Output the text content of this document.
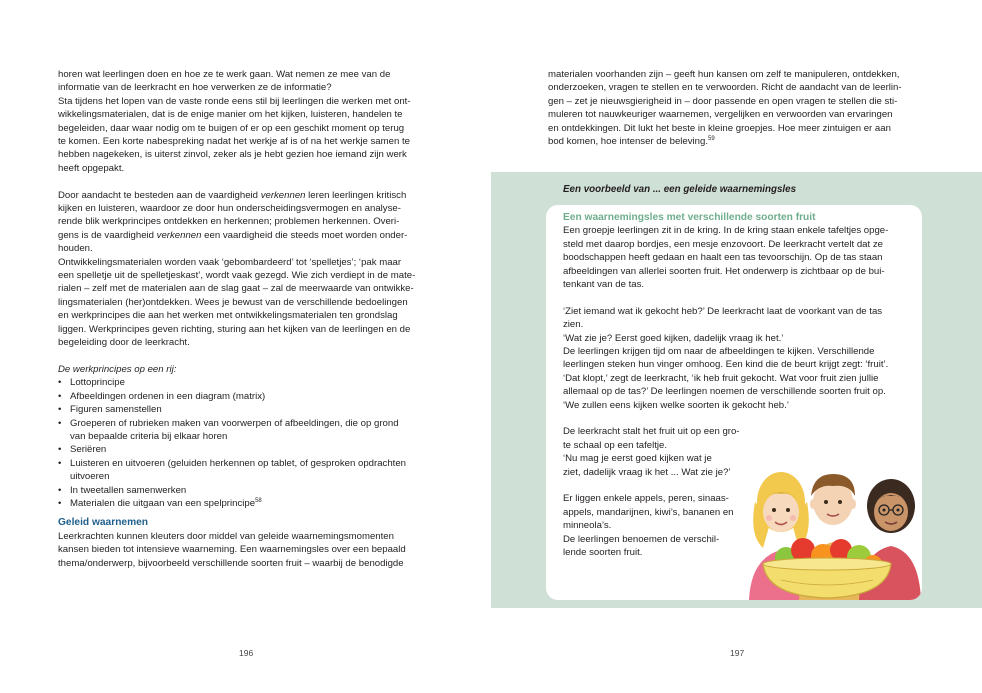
horen wat leerlingen doen en hoe ze te werk gaan. Wat nemen ze mee van de

informatie van de leerkracht en hoe verwerken ze de informatie?

Sta tijdens het lopen van de vaste ronde eens stil bij leerlingen die werken met ont-

wikkelingsmaterialen, dat is de enige manier om het kijken, luisteren, handelen te

begeleiden, daar waar nodig om te buigen of er op een geschikt moment op terug

te komen. Een korte nabespreking nadat het werkje af is of na het werkje samen te

hebben nagekeken, is uiterst zinvol, zeker als je hebt gezien hoe iemand zijn werk

heeft opgepakt.

Door aandacht te besteden aan de vaardigheid verkennen leren leerlingen kritisch

kijken en luisteren, waardoor ze door hun onderscheidingsvermogen en analyse-

rende blik werkprincipes ontdekken en herkennen; problemen herkennen. Overi-

gens is de vaardigheid verkennen een vaardigheid die steeds moet worden onder-

houden.

Ontwikkelingsmaterialen worden vaak ‘gebombardeerd’ tot ‘spelletjes’; ‘pak maar

een spelletje uit de spelletjeskast’, wordt vaak gezegd. Wie zich verdiept in de mate-

rialen – zelf met de materialen aan de slag gaat – zal de meerwaarde van ontwikke-

lingsmaterialen (her)ontdekken. Wees je bewust van de verschillende bedoelingen

en werkprincipes die aan het werken met ontwikkelingsmaterialen ten grondslag

liggen. Werkprincipes geven richting, sturing aan het kijken van de leerlingen en de

begeleiding door de leerkracht.

De werkprincipes op een rij:

• Lottoprincipe
• Afbeeldingen ordenen in een diagram (matrix)
• Figuren samenstellen
• Groeperen of rubrieken maken van voorwerpen of afbeeldingen, die op grond
van bepaalde criteria bij elkaar horen
• Seriëren
• Luisteren en uitvoeren (geluiden herkennen op tablet, of gesproken opdrachten
uitvoeren
• In tweetallen samenwerken
• Materialen die uitgaan van een spelprincipe$^{58}$

Geleid waarnemen

Leerkrachten kunnen kleuters door middel van geleide waarnemingsmomenten

kansen bieden tot intensieve waarneming. Een waarnemingsles over een bepaald

thema/onderwerp, bijvoorbeeld verschillende soorten fruit – waarbij de benodigde

196

materialen voorhanden zijn – geeft hun kansen om zelf te manipuleren, ontdekken,

onderzoeken, vragen te stellen en te verwoorden. Richt de aandacht van de leerlin-

gen – zet je nieuwsgierigheid in – door passende en open vragen te stellen die sti-

muleren tot nauwkeuriger waarnemen, vergelijken en verwoorden van ervaringen

en ontdekkingen. Dit lukt het beste in kleine groepjes. Hoe meer zintuigen er aan

bod komen, hoe intenser de beleving.$^{59}$

Een voorbeeld van ... een geleide waarnemingsles

Een waarnemingsles met verschillende soorten fruit

Een groepje leerlingen zit in de kring. In de kring staan enkele tafeltjes opge-

steld met daarop bordjes, een mesje enzovoort. De leerkracht vertelt dat ze

boodschappen heeft gedaan en haalt een tas tevoorschijn. Op de tas staan

afbeeldingen van allerlei soorten fruit. Het onderwerp is zichtbaar op de bui-

tenkant van de tas.

‘Ziet iemand wat ik gekocht heb?’ De leerkracht laat de voorkant van de tas

zien.

‘Wat zie je? Eerst goed kijken, dadelijk vraag ik het.’

De leerlingen krijgen tijd om naar de afbeeldingen te kijken. Verschillende

leerlingen steken hun vinger omhoog. Een kind die de beurt krijgt zegt: ‘fruit’.

‘Dat klopt,’ zegt de leerkracht, ‘ik heb fruit gekocht. Wat voor fruit zien jullie

allemaal op de tas?’ De leerlingen noemen de verschillende soorten fruit op.

‘We zullen eens kijken welke soorten ik gekocht heb.’

De leerkracht stalt het fruit uit op een gro-

te schaal op een tafeltje.

‘Nu mag je eerst goed kijken wat je

ziet, dadelijk vraag ik het ... Wat zie je?’

Er liggen enkele appels, peren, sinaas-

appels, mandarijnen, kiwi’s, bananen en

minneola’s.

De leerlingen benoemen de verschil-

lende soorten fruit.

197
